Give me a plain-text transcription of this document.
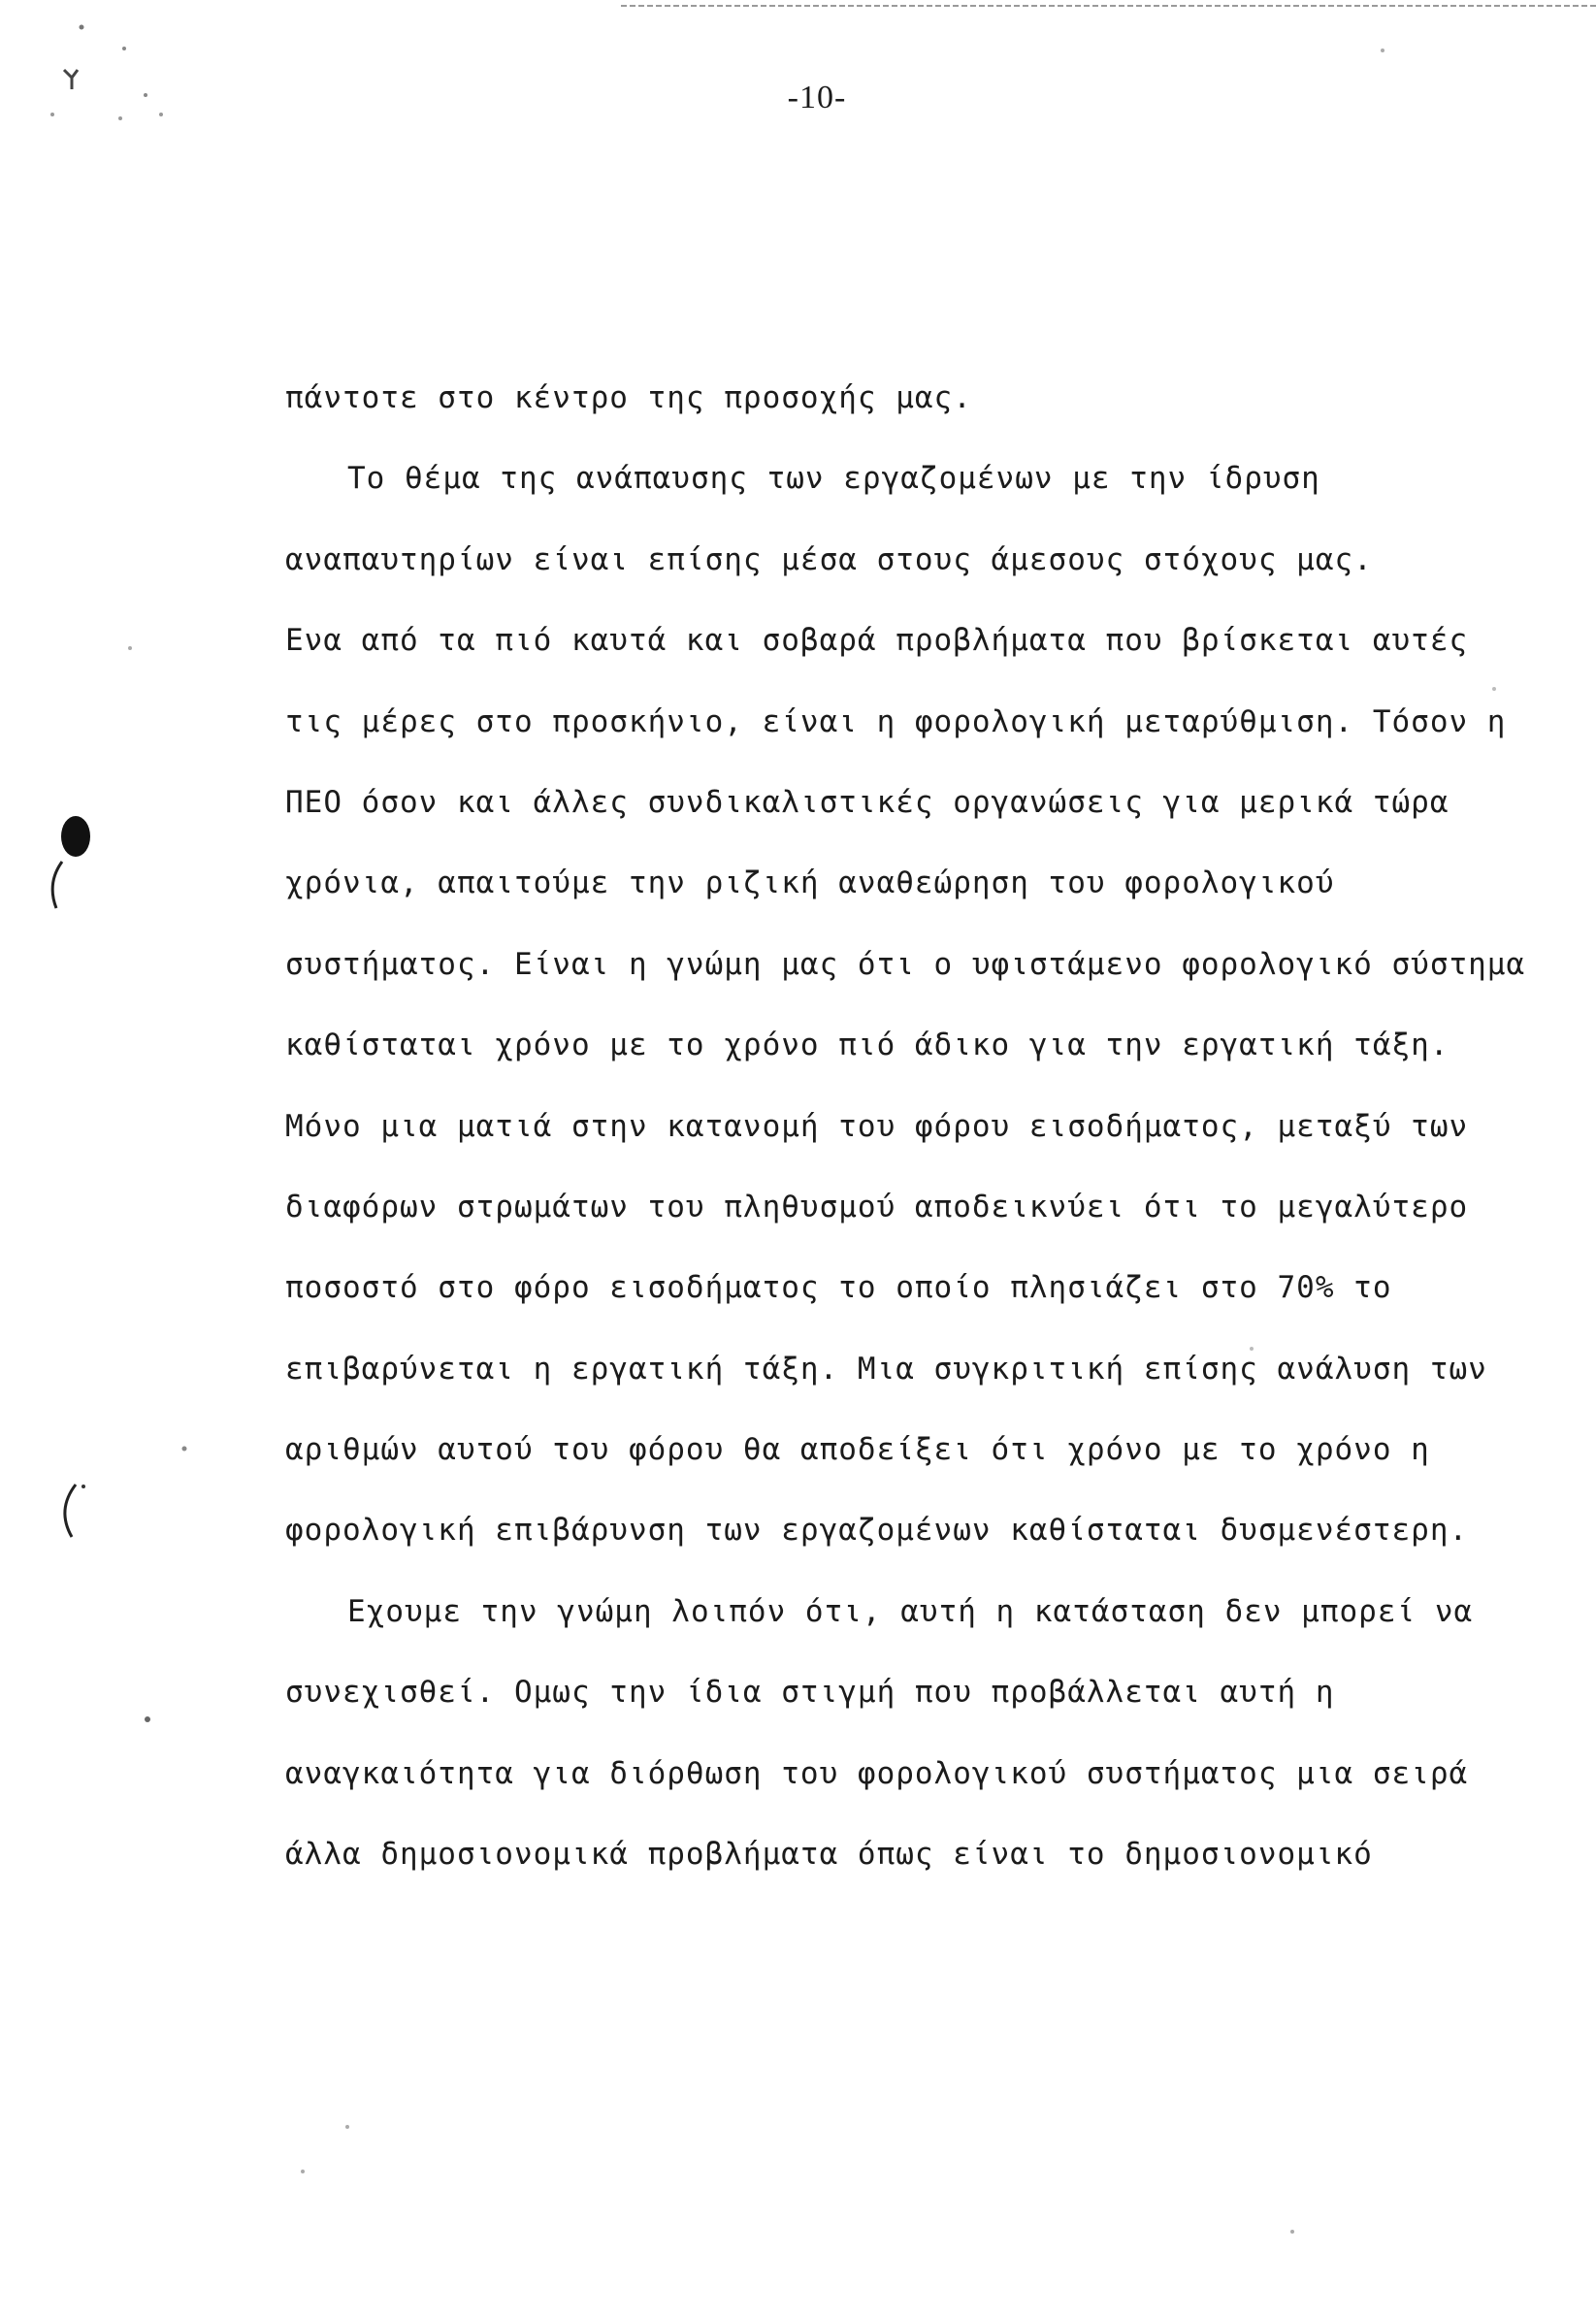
-10-
πάντοτε στο κέντρο της προσοχής μας.
Το θέμα της ανάπαυσης των εργαζομένων με την ίδρυση
αναπαυτηρίων είναι επίσης μέσα στους άμεσους στόχους μας.
Ενα από τα πιό καυτά και σοβαρά προβλήματα που βρίσκεται αυτές
τις μέρες στο προσκήνιο, είναι η φορολογική μεταρύθμιση. Τόσον η
ΠΕΟ όσον και άλλες συνδικαλιστικές οργανώσεις για μερικά τώρα
χρόνια, απαιτούμε την ριζική αναθεώρηση του φορολογικού
συστήματος. Είναι η γνώμη μας ότι ο υφιστάμενο φορολογικό σύστημα
καθίσταται χρόνο με το χρόνο πιό άδικο για την εργατική τάξη.
Μόνο μια ματιά στην κατανομή του φόρου εισοδήματος, μεταξύ των
διαφόρων στρωμάτων του πληθυσμού αποδεικνύει ότι το μεγαλύτερο
ποσοστό στο φόρο εισοδήματος το οποίο πλησιάζει στο 70% το
επιβαρύνεται η εργατική τάξη. Μια συγκριτική επίσης ανάλυση των
αριθμών αυτού του φόρου θα αποδείξει ότι χρόνο με το χρόνο η
φορολογική επιβάρυνση των εργαζομένων καθίσταται δυσμενέστερη.
Εχουμε την γνώμη λοιπόν ότι, αυτή η κατάσταση δεν μπορεί να
συνεχισθεί. Ομως την ίδια στιγμή που προβάλλεται αυτή η
αναγκαιότητα για διόρθωση του φορολογικού συστήματος μια σειρά
άλλα δημοσιονομικά προβλήματα όπως είναι το δημοσιονομικό
